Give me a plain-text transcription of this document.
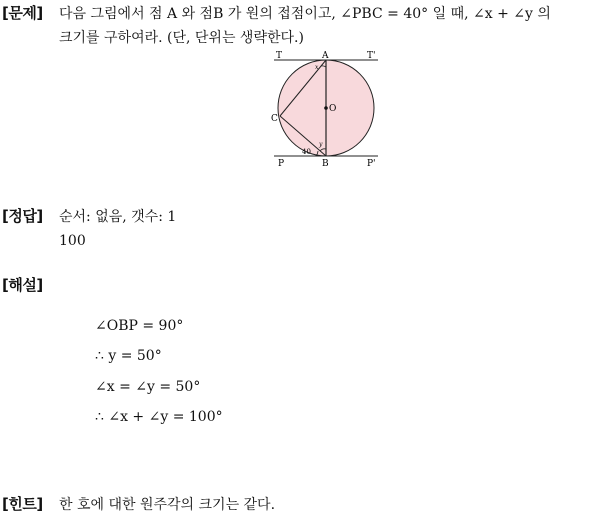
[문제] 다음 그림에서 점 A 와 점B 가 원의 접점이고, ∠PBC = 40° 일 때, ∠x + ∠y 의
크기를 구하여라. (단, 단위는 생략한다.)
T	A	T'
O
C
P	B	P'
x
y
40
[정답] 순서: 없음, 갯수: 1
100
[해설]
∠OBP = 90°
∴ y = 50°
∠x = ∠y = 50°
∴ ∠x + ∠y = 100°
[힌트] 한 호에 대한 원주각의 크기는 같다.
